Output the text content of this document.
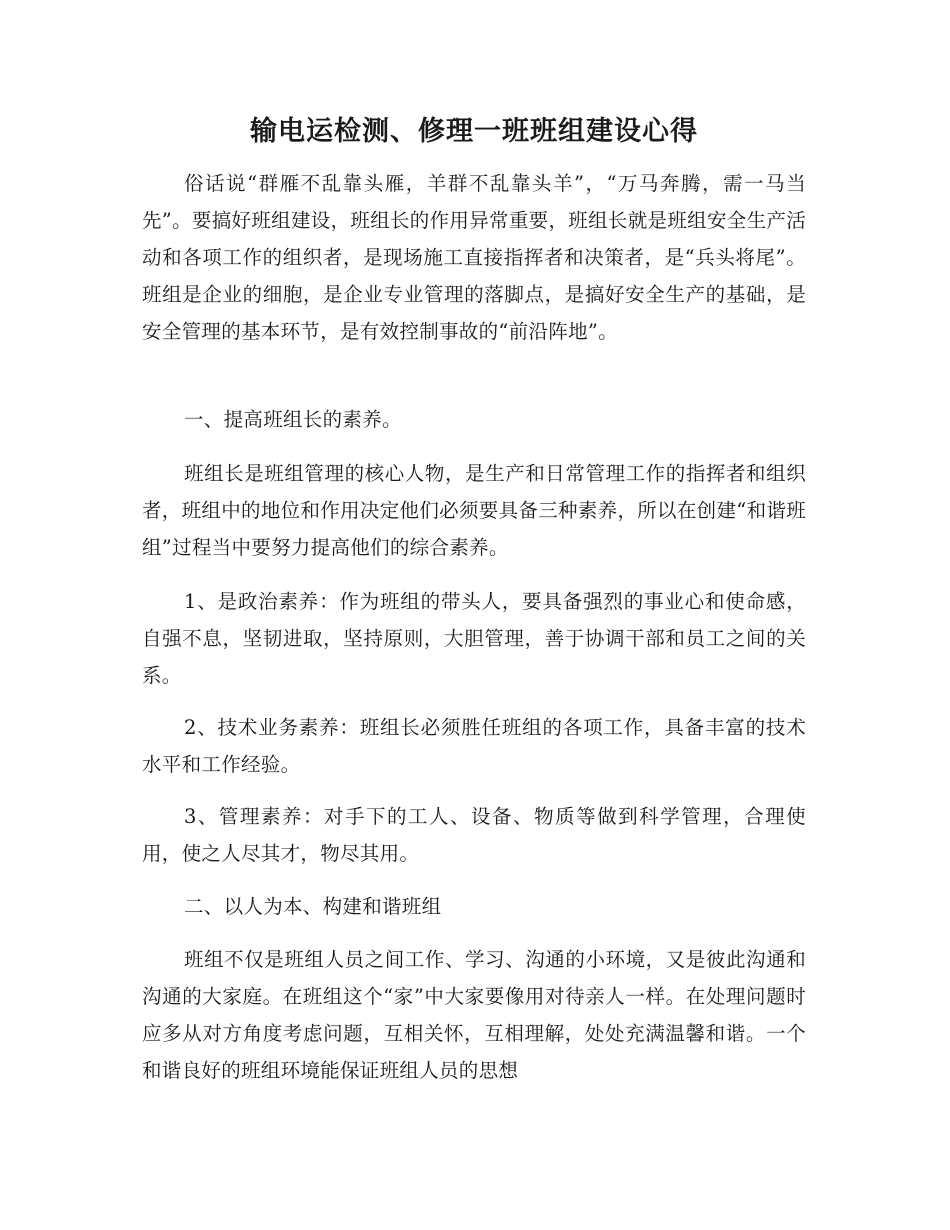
输电运检测、修理一班班组建设心得

俗话说“群雁不乱靠头雁，羊群不乱靠头羊”，“万马奔腾，需一马当先”。要搞好班组建设，班组长的作用异常重要，班组长就是班组安全生产活动和各项工作的组织者，是现场施工直接指挥者和决策者，是“兵头将尾”。班组是企业的细胞，是企业专业管理的落脚点，是搞好安全生产的基础，是安全管理的基本环节，是有效控制事故的“前沿阵地”。

一、提高班组长的素养。

班组长是班组管理的核心人物，是生产和日常管理工作的指挥者和组织者，班组中的地位和作用决定他们必须要具备三种素养，所以在创建“和谐班组”过程当中要努力提高他们的综合素养。

1、是政治素养：作为班组的带头人，要具备强烈的事业心和使命感，自强不息，坚韧进取，坚持原则，大胆管理，善于协调干部和员工之间的关系。

2、技术业务素养：班组长必须胜任班组的各项工作，具备丰富的技术水平和工作经验。

3、管理素养：对手下的工人、设备、物质等做到科学管理，合理使用，使之人尽其才，物尽其用。

二、以人为本、构建和谐班组

班组不仅是班组人员之间工作、学习、沟通的小环境，又是彼此沟通和沟通的大家庭。在班组这个“家”中大家要像用对待亲人一样。在处理问题时应多从对方角度考虑问题，互相关怀，互相理解，处处充满温馨和谐。一个和谐良好的班组环境能保证班组人员的思想
